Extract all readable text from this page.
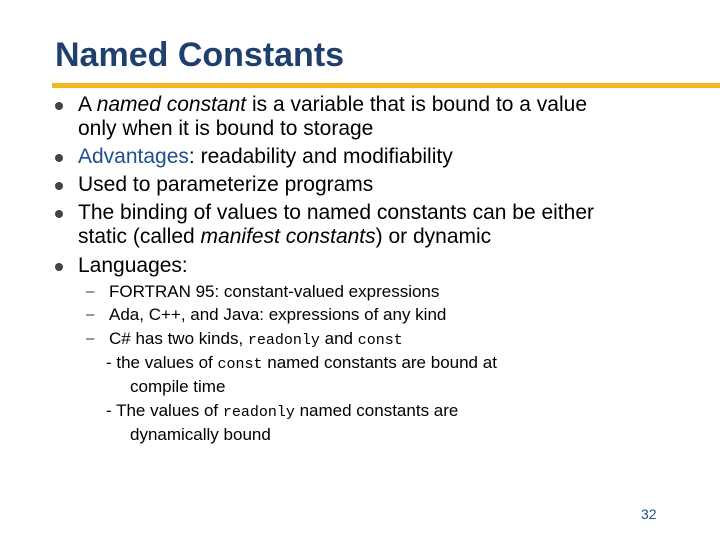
Named Constants
A named constant is a variable that is bound to a value
only when it is bound to storage
Advantages: readability and modifiability
Used to parameterize programs
The binding of values to named constants can be either
static (called manifest constants) or dynamic
Languages:
– FORTRAN 95: constant-valued expressions
– Ada, C++, and Java: expressions of any kind
– C# has two kinds, readonly and const
- the values of const named constants are bound at
compile time
- The values of readonly named constants are
dynamically bound
32
